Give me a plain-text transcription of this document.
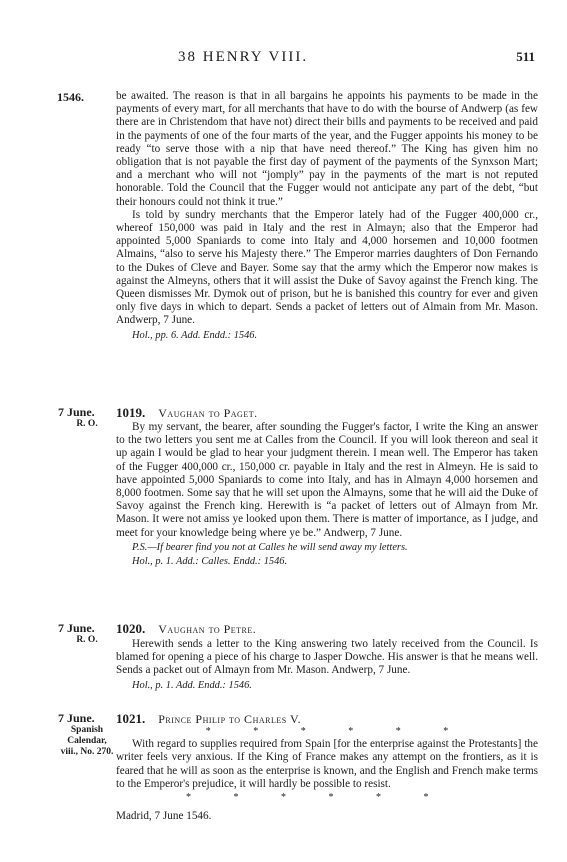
38 HENRY VIII.	511
1546.	be awaited. The reason is that in all bargains he appoints his payments to be made in the payments of every mart, for all merchants that have to do with the bourse of Andwerp (as few there are in Christendom that have not) direct their bills and payments to be received and paid in the payments of one of the four marts of the year, and the Fugger appoints his money to be ready “to serve those with a nip that have need thereof.” The King has given him no obligation that is not payable the first day of payment of the payments of the Synxson Mart; and a merchant who will not “jomply” pay in the payments of the mart is not reputed honorable. Told the Council that the Fugger would not anticipate any part of the debt, “but their honours could not think it true.”

Is told by sundry merchants that the Emperor lately had of the Fugger 400,000 cr., whereof 150,000 was paid in Italy and the rest in Almayn; also that the Emperor had appointed 5,000 Spaniards to come into Italy and 4,000 horsemen and 10,000 footmen Almains, “also to serve his Majesty there.” The Emperor marries daughters of Don Fernando to the Dukes of Cleve and Bayer. Some say that the army which the Emperor now makes is against the Almeyns, others that it will assist the Duke of Savoy against the French king. The Queen dismisses Mr. Dymok out of prison, but he is banished this country for ever and given only five days in which to depart. Sends a packet of letters out of Almain from Mr. Mason. Andwerp, 7 June.

Hol., pp. 6. Add. Endd.: 1546.
7 June.
R. O.
1019. Vaughan to Paget.

By my servant, the bearer, after sounding the Fugger's factor, I write the King an answer to the two letters you sent me at Calles from the Council. If you will look thereon and seal it up again I would be glad to hear your judgment therein. I mean well. The Emperor has taken of the Fugger 400,000 cr., 150,000 cr. payable in Italy and the rest in Almeyn. He is said to have appointed 5,000 Spaniards to come into Italy, and has in Almayn 4,000 horsemen and 8,000 footmen. Some say that he will set upon the Almayns, some that he will aid the Duke of Savoy against the French king. Herewith is “a packet of letters out of Almayn from Mr. Mason. It were not amiss ye looked upon them. There is matter of importance, as I judge, and meet for your knowledge being where ye be.” Andwerp, 7 June.

P.S.—If bearer find you not at Calles he will send away my letters.
Hol., p. 1. Add.: Calles. Endd.: 1546.
7 June.
R. O.
1020. Vaughan to Petre.

Herewith sends a letter to the King answering two lately received from the Council. Is blamed for opening a piece of his charge to Jasper Dowche. His answer is that he means well. Sends a packet out of Almayn from Mr. Mason. Andwerp, 7 June.

Hol., p. 1. Add. Endd.: 1546.
7 June.
Spanish Calendar, viii., No. 270.
1021. Prince Philip to Charles V.
* * * * * *

With regard to supplies required from Spain [for the enterprise against the Protestants] the writer feels very anxious. If the King of France makes any attempt on the frontiers, as it is feared that he will as soon as the enterprise is known, and the English and French make terms to the Emperor's prejudice, it will hardly be possible to resist.

* * * * * *
Madrid, 7 June 1546.
